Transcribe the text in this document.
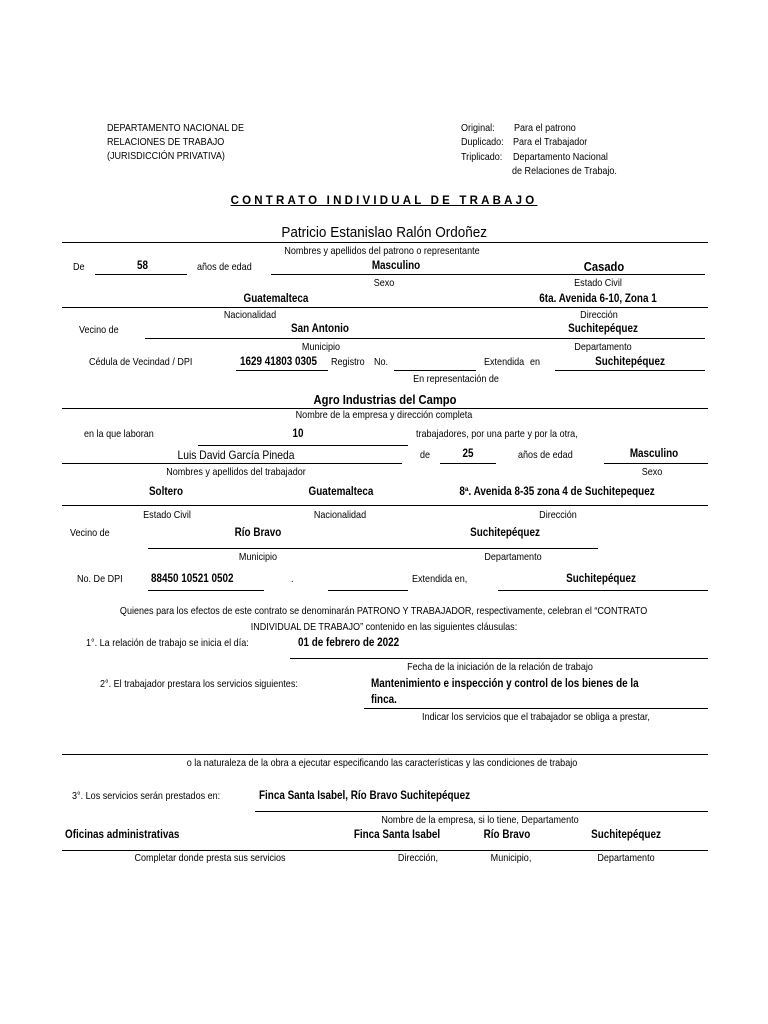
DEPARTAMENTO NACIONAL DE
RELACIONES DE TRABAJO
(JURISDICCIÓN PRIVATIVA)
Original: Para el patrono
Duplicado: Para el Trabajador
Triplicado: Departamento Nacional
de Relaciones de Trabajo.
CONTRATO INDIVIDUAL DE TRABAJO
Patricio Estanislao Ralón Ordoñez
Nombres y apellidos del patrono o representante
De	58	años de edad	Masculino	Casado
Sexo	Estado Civil
Guatemalteca	6ta. Avenida 6-10, Zona 1
Nacionalidad	Dirección
Vecino de	San Antonio	Suchitepéquez
Municipio	Departamento
Cédula de Vecindad / DPI	1629 41803 0305 Registro No.	Extendida en	Suchitepéquez
En representación de
Agro Industrias del Campo
Nombre de la empresa y dirección completa
en la que laboran	10	trabajadores, por una parte y por la otra,
Luis David García Pineda	de	25	años de edad	Masculino
Nombres y apellidos del trabajador	Sexo
Soltero	Guatemalteca	8ª. Avenida 8-35 zona 4 de Suchitepequez
Estado Civil	Nacionalidad	Dirección
Vecino de	Río Bravo	Suchitepéquez
Municipio	Departamento
No. De DPI 88450 10521 0502	.	Extendida en,	Suchitepéquez
Quienes para los efectos de este contrato se denominarán PATRONO Y TRABAJADOR, respectivamente, celebran el “CONTRATO
INDIVIDUAL DE TRABAJO” contenido en las siguientes cláusulas:
1°. La relación de trabajo se inicia el día:	01 de febrero de 2022
Fecha de la iniciación de la relación de trabajo
2°. El trabajador prestara los servicios siguientes:	Mantenimiento e inspección y control de los bienes de la
finca.
Indicar los servicios que el trabajador se obliga a prestar,
o la naturaleza de la obra a ejecutar especificando las características y las condiciones de trabajo
3°. Los servicios serán prestados en:	Finca Santa Isabel, Río Bravo Suchitepéquez
Nombre de la empresa, si lo tiene, Departamento
Oficinas administrativas	Finca Santa Isabel	Río Bravo	Suchitepéquez
Completar donde presta sus servicios	Dirección,	Municipio,	Departamento
